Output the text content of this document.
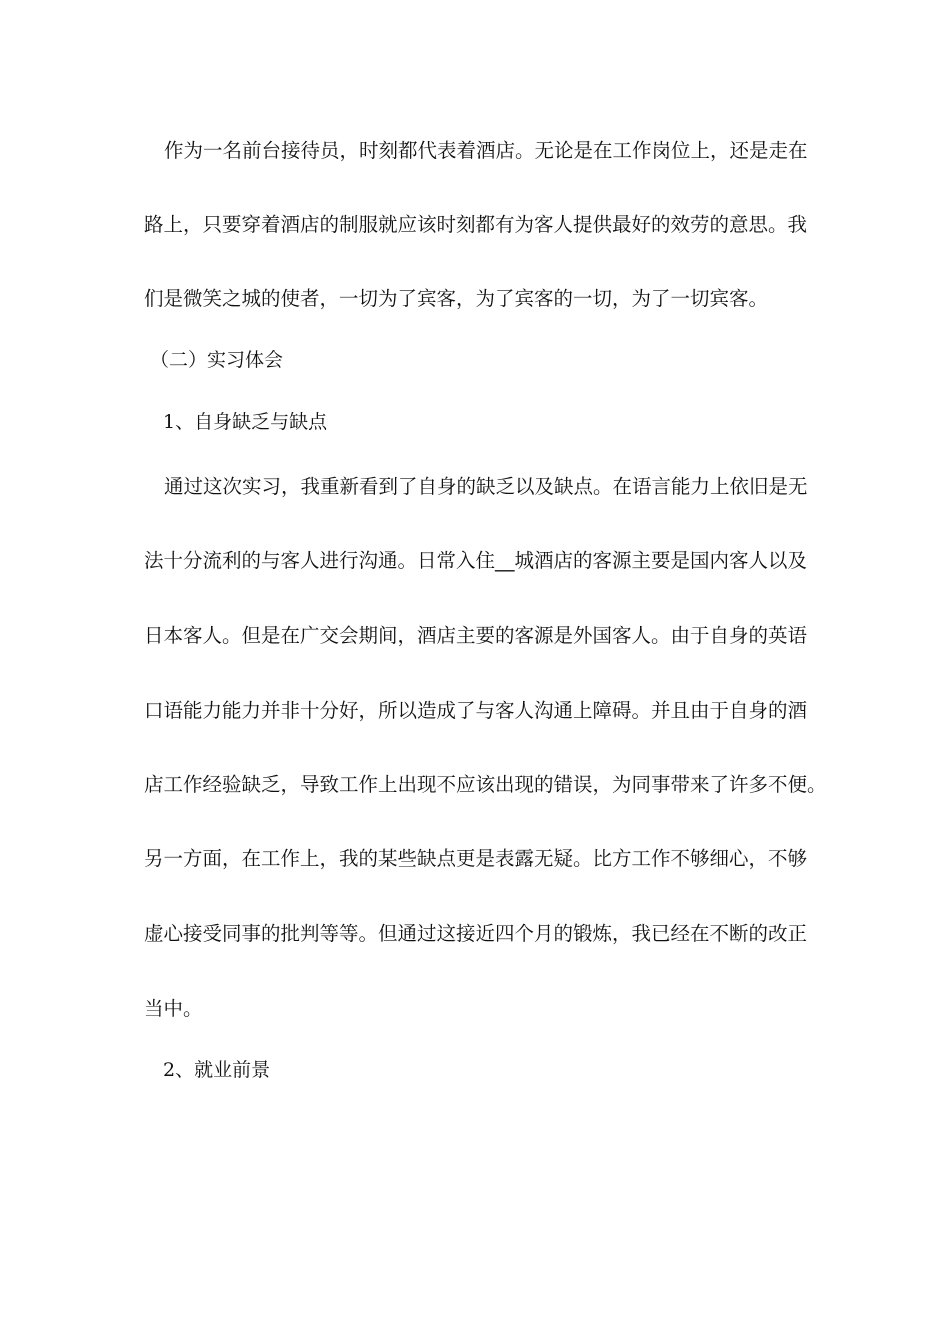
作为一名前台接待员，时刻都代表着酒店。无论是在工作岗位上，还是走在
路上，只要穿着酒店的制服就应该时刻都有为客人提供最好的效劳的意思。我
们是微笑之城的使者，一切为了宾客，为了宾客的一切，为了一切宾客。
（二）实习体会
1、自身缺乏与缺点
通过这次实习，我重新看到了自身的缺乏以及缺点。在语言能力上依旧是无
法十分流利的与客人进行沟通。日常入住__城酒店的客源主要是国内客人以及
日本客人。但是在广交会期间，酒店主要的客源是外国客人。由于自身的英语
口语能力能力并非十分好，所以造成了与客人沟通上障碍。并且由于自身的酒
店工作经验缺乏，导致工作上出现不应该出现的错误，为同事带来了许多不便。
另一方面，在工作上，我的某些缺点更是表露无疑。比方工作不够细心，不够
虚心接受同事的批判等等。但通过这接近四个月的锻炼，我已经在不断的改正
当中。
2、就业前景
